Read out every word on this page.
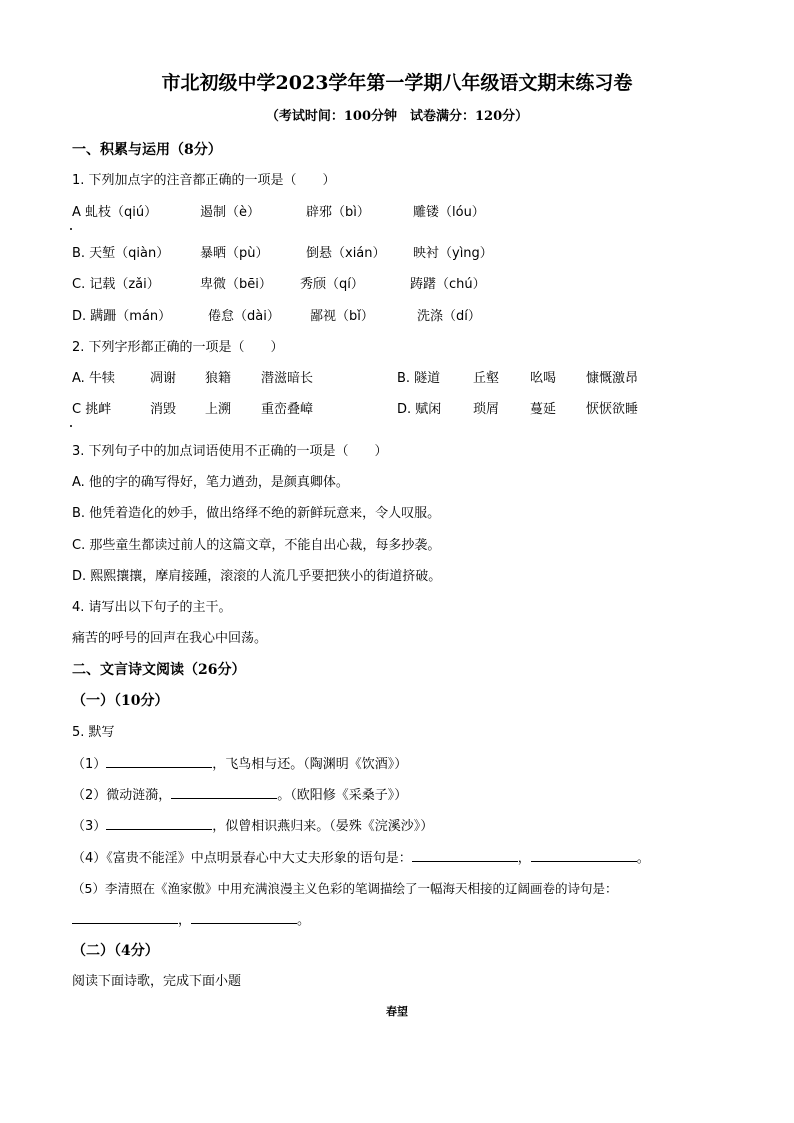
市北初级中学2023学年第一学期八年级语文期末练习卷
（考试时间：100分钟　试卷满分：120分）
一、积累与运用（8分）
1. 下列加点字的注音都正确的一项是（　　）
A 虬枝（qiú）	遏制（è）	辟邪（bì）	雕镂（lóu）
B. 天堑（qiàn） 暴晒（pù）	倒悬（xián） 映衬（yìng）
C. 记载（zǎi）	卑微（bēi） 秀颀（qí）	踌躇（chú）
D. 蹒跚（mán）	倦怠（dài） 鄙视（bǐ）	洗涤（dí）
2. 下列字形都正确的一项是（　　）
A. 牛犊	凋谢 狼籍 潜滋暗长	B. 隧道	丘壑 吆喝 慷慨激昂
C 挑衅	消毁 上溯 重峦叠嶂	D. 赋闲 琐屑 蔓延 恹恹欲睡
3. 下列句子中的加点词语使用不正确的一项是（　　）
A. 他的字的确写得好，笔力遒劲，是颜真卿体。
B. 他凭着造化的妙手，做出络绎不绝的新鲜玩意来，令人叹服。
C. 那些童生都读过前人的这篇文章，不能自出心裁，每多抄袭。
D. 熙熙攘攘，摩肩接踵，滚滚的人流几乎要把狭小的街道挤破。
4. 请写出以下句子的主干。
痛苦的呼号的回声在我心中回荡。
二、文言诗文阅读（26分）
（一）（10分）
5. 默写
（1）	，飞鸟相与还。（陶渊明《饮酒》）
（2）微动涟漪，	。（欧阳修《采桑子》）
（3）	，似曾相识燕归来。（晏殊《浣溪沙》）
（4）《富贵不能淫》中点明景春心中大丈夫形象的语句是：	，	。
（5）李清照在《渔家傲》中用充满浪漫主义色彩的笔调描绘了一幅海天相接的辽阔画卷的诗句是：
，	。
（二）（4分）
阅读下面诗歌，完成下面小题
春望
